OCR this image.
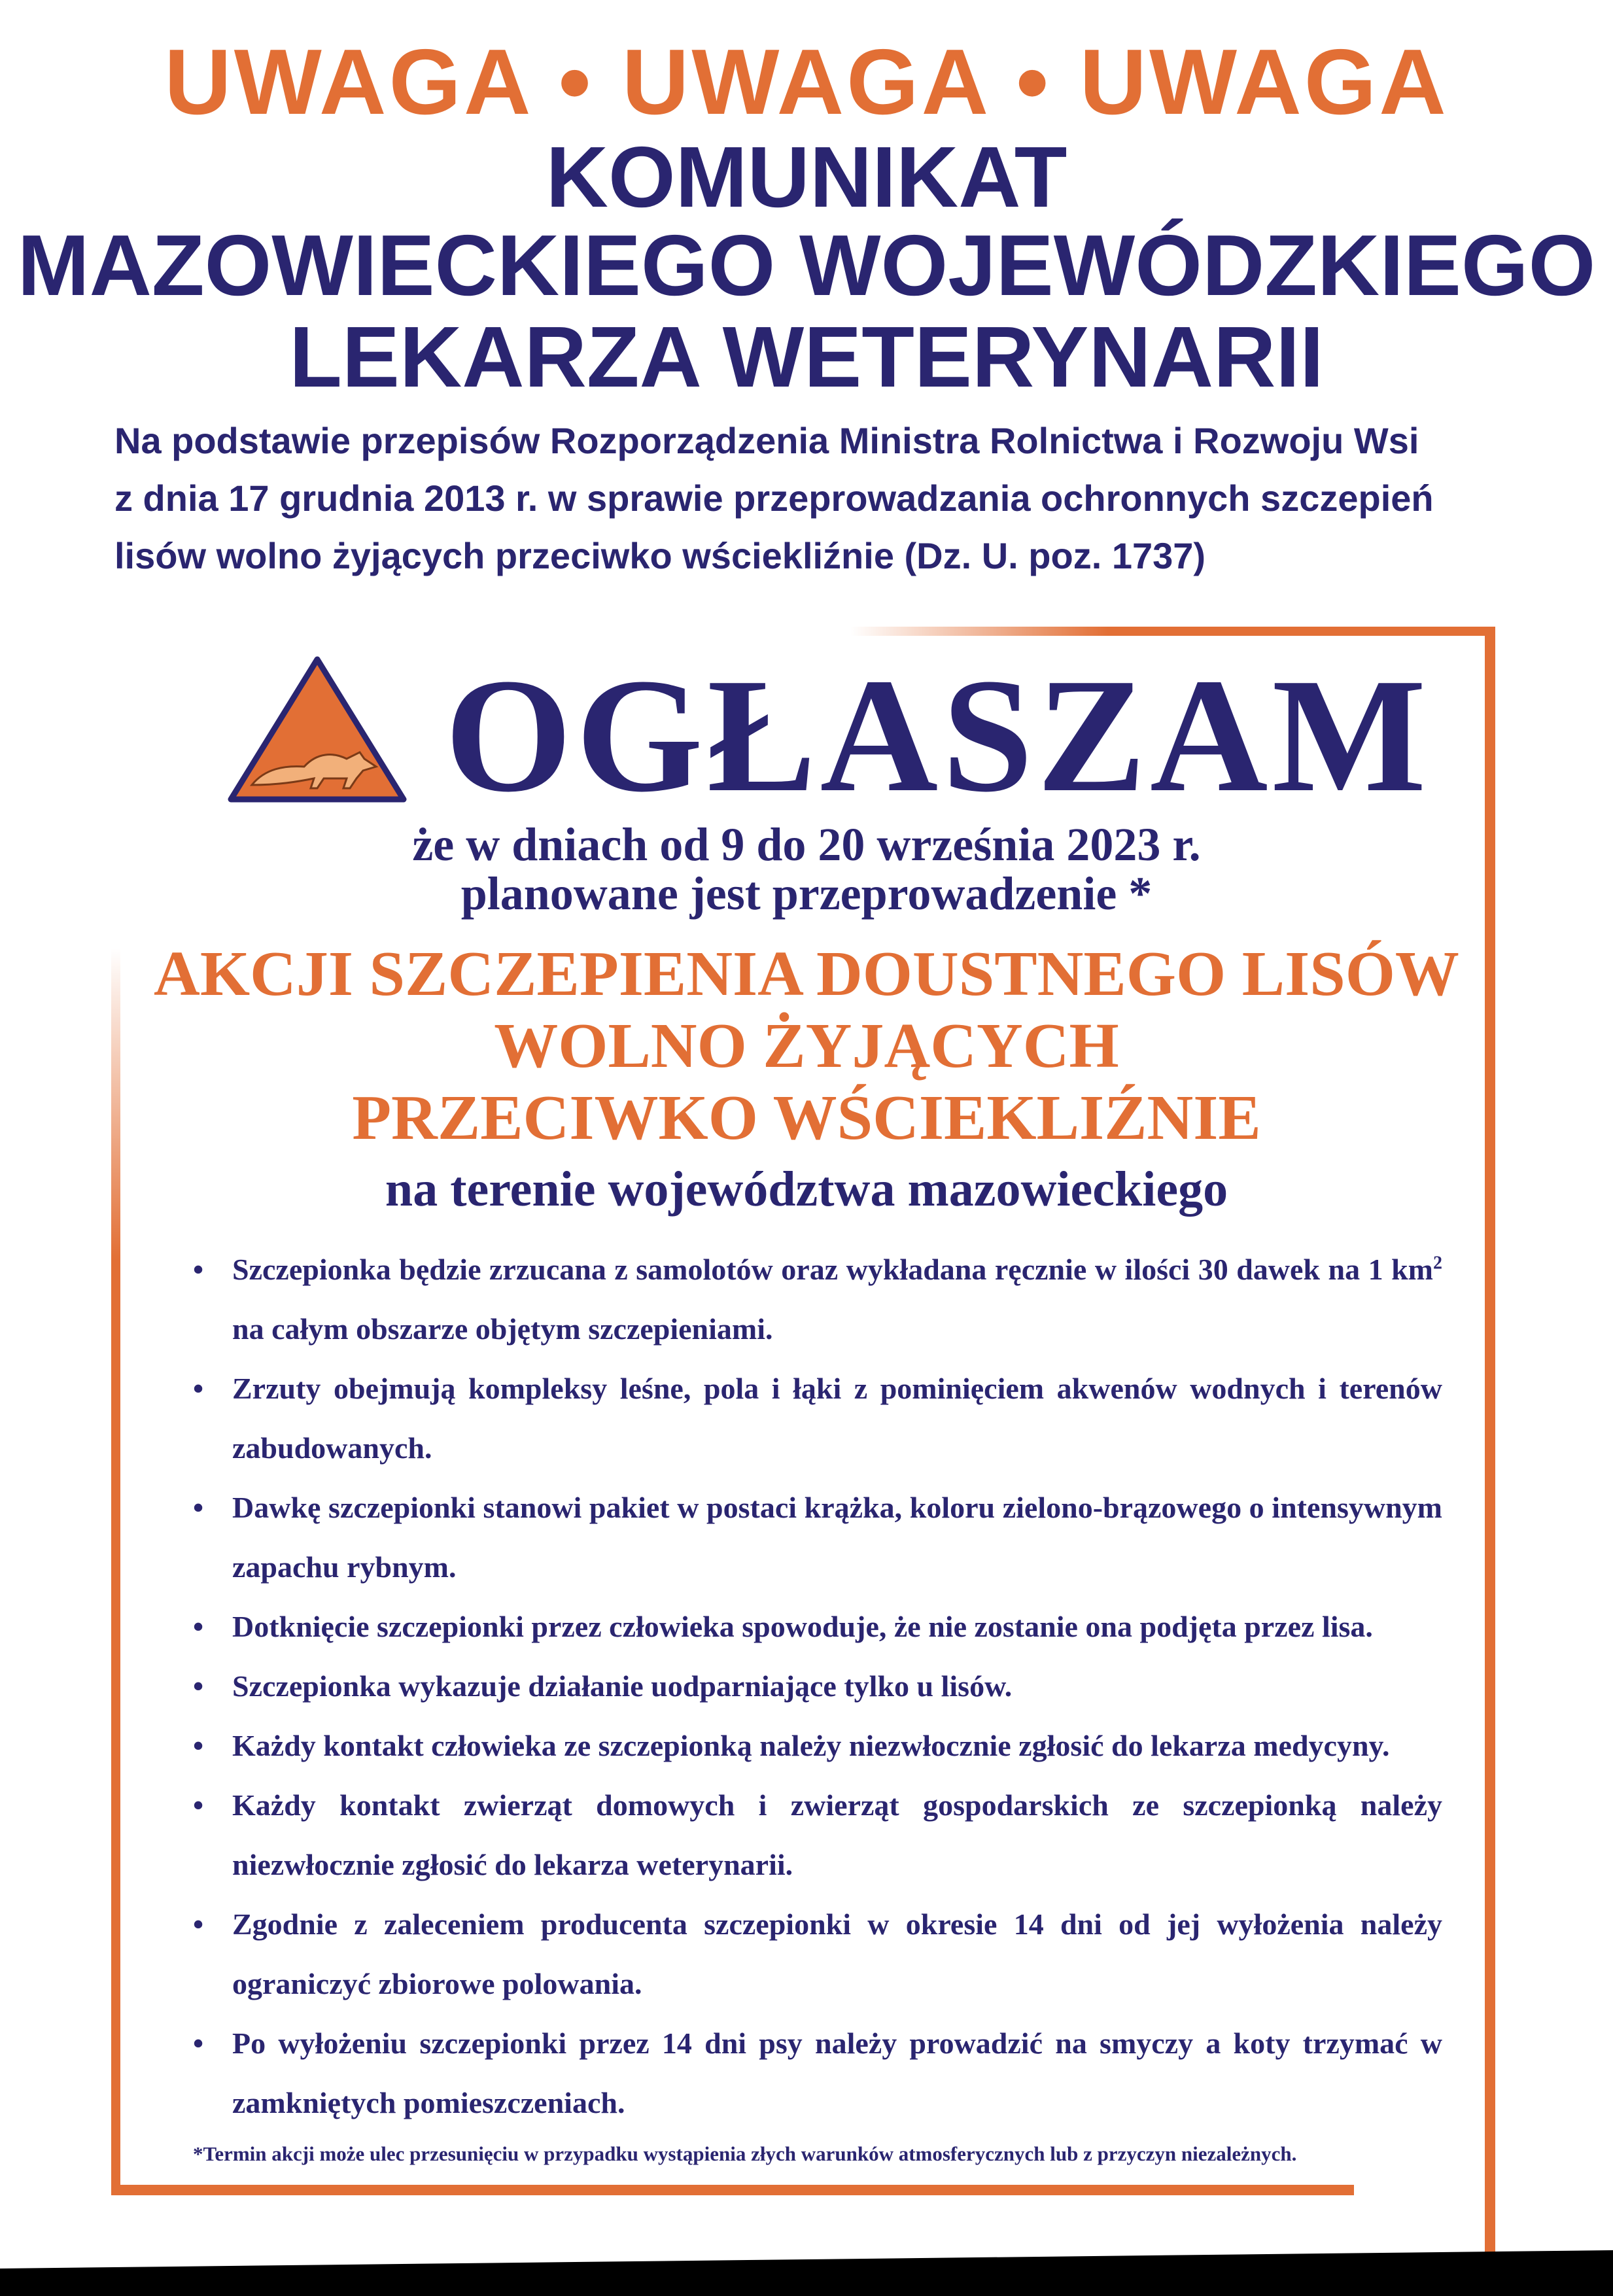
UWAGA • UWAGA • UWAGA
KOMUNIKAT
MAZOWIECKIEGO WOJEWÓDZKIEGO
LEKARZA WETERYNARII
Na podstawie przepisów Rozporządzenia Ministra Rolnictwa i Rozwoju Wsi
z dnia 17 grudnia 2013 r. w sprawie przeprowadzania ochronnych szczepień
lisów wolno żyjących przeciwko wściekliźnie (Dz. U. poz. 1737)
OGŁASZAM
że w dniach od 9 do 20 września 2023 r.
planowane jest przeprowadzenie *
AKCJI SZCZEPIENIA DOUSTNEGO LISÓW
WOLNO ŻYJĄCYCH
PRZECIWKO WŚCIEKLIŹNIE
na terenie województwa mazowieckiego
• Szczepionka będzie zrzucana z samolotów oraz wykładana ręcznie w ilości 30 dawek na 1 $km^2$ na całym obszarze objętym szczepieniami.
• Zrzuty obejmują kompleksy leśne, pola i łąki z pominięciem akwenów wodnych i terenów zabudowanych.
• Dawkę szczepionki stanowi pakiet w postaci krążka, koloru zielono-brązowego o intensywnym zapachu rybnym.
• Dotknięcie szczepionki przez człowieka spowoduje, że nie zostanie ona podjęta przez lisa.
• Szczepionka wykazuje działanie uodparniające tylko u lisów.
• Każdy kontakt człowieka ze szczepionką należy niezwłocznie zgłosić do lekarza medycyny.
• Każdy kontakt zwierząt domowych i zwierząt gospodarskich ze szczepionką należy niezwłocznie zgłosić do lekarza weterynarii.
• Zgodnie z zaleceniem producenta szczepionki w okresie 14 dni od jej wyłożenia należy ograniczyć zbiorowe polowania.
• Po wyłożeniu szczepionki przez 14 dni psy należy prowadzić na smyczy a koty trzymać w zamkniętych pomieszczeniach.
*Termin akcji może ulec przesunięciu w przypadku wystąpienia złych warunków atmosferycznych lub z przyczyn niezależnych.
